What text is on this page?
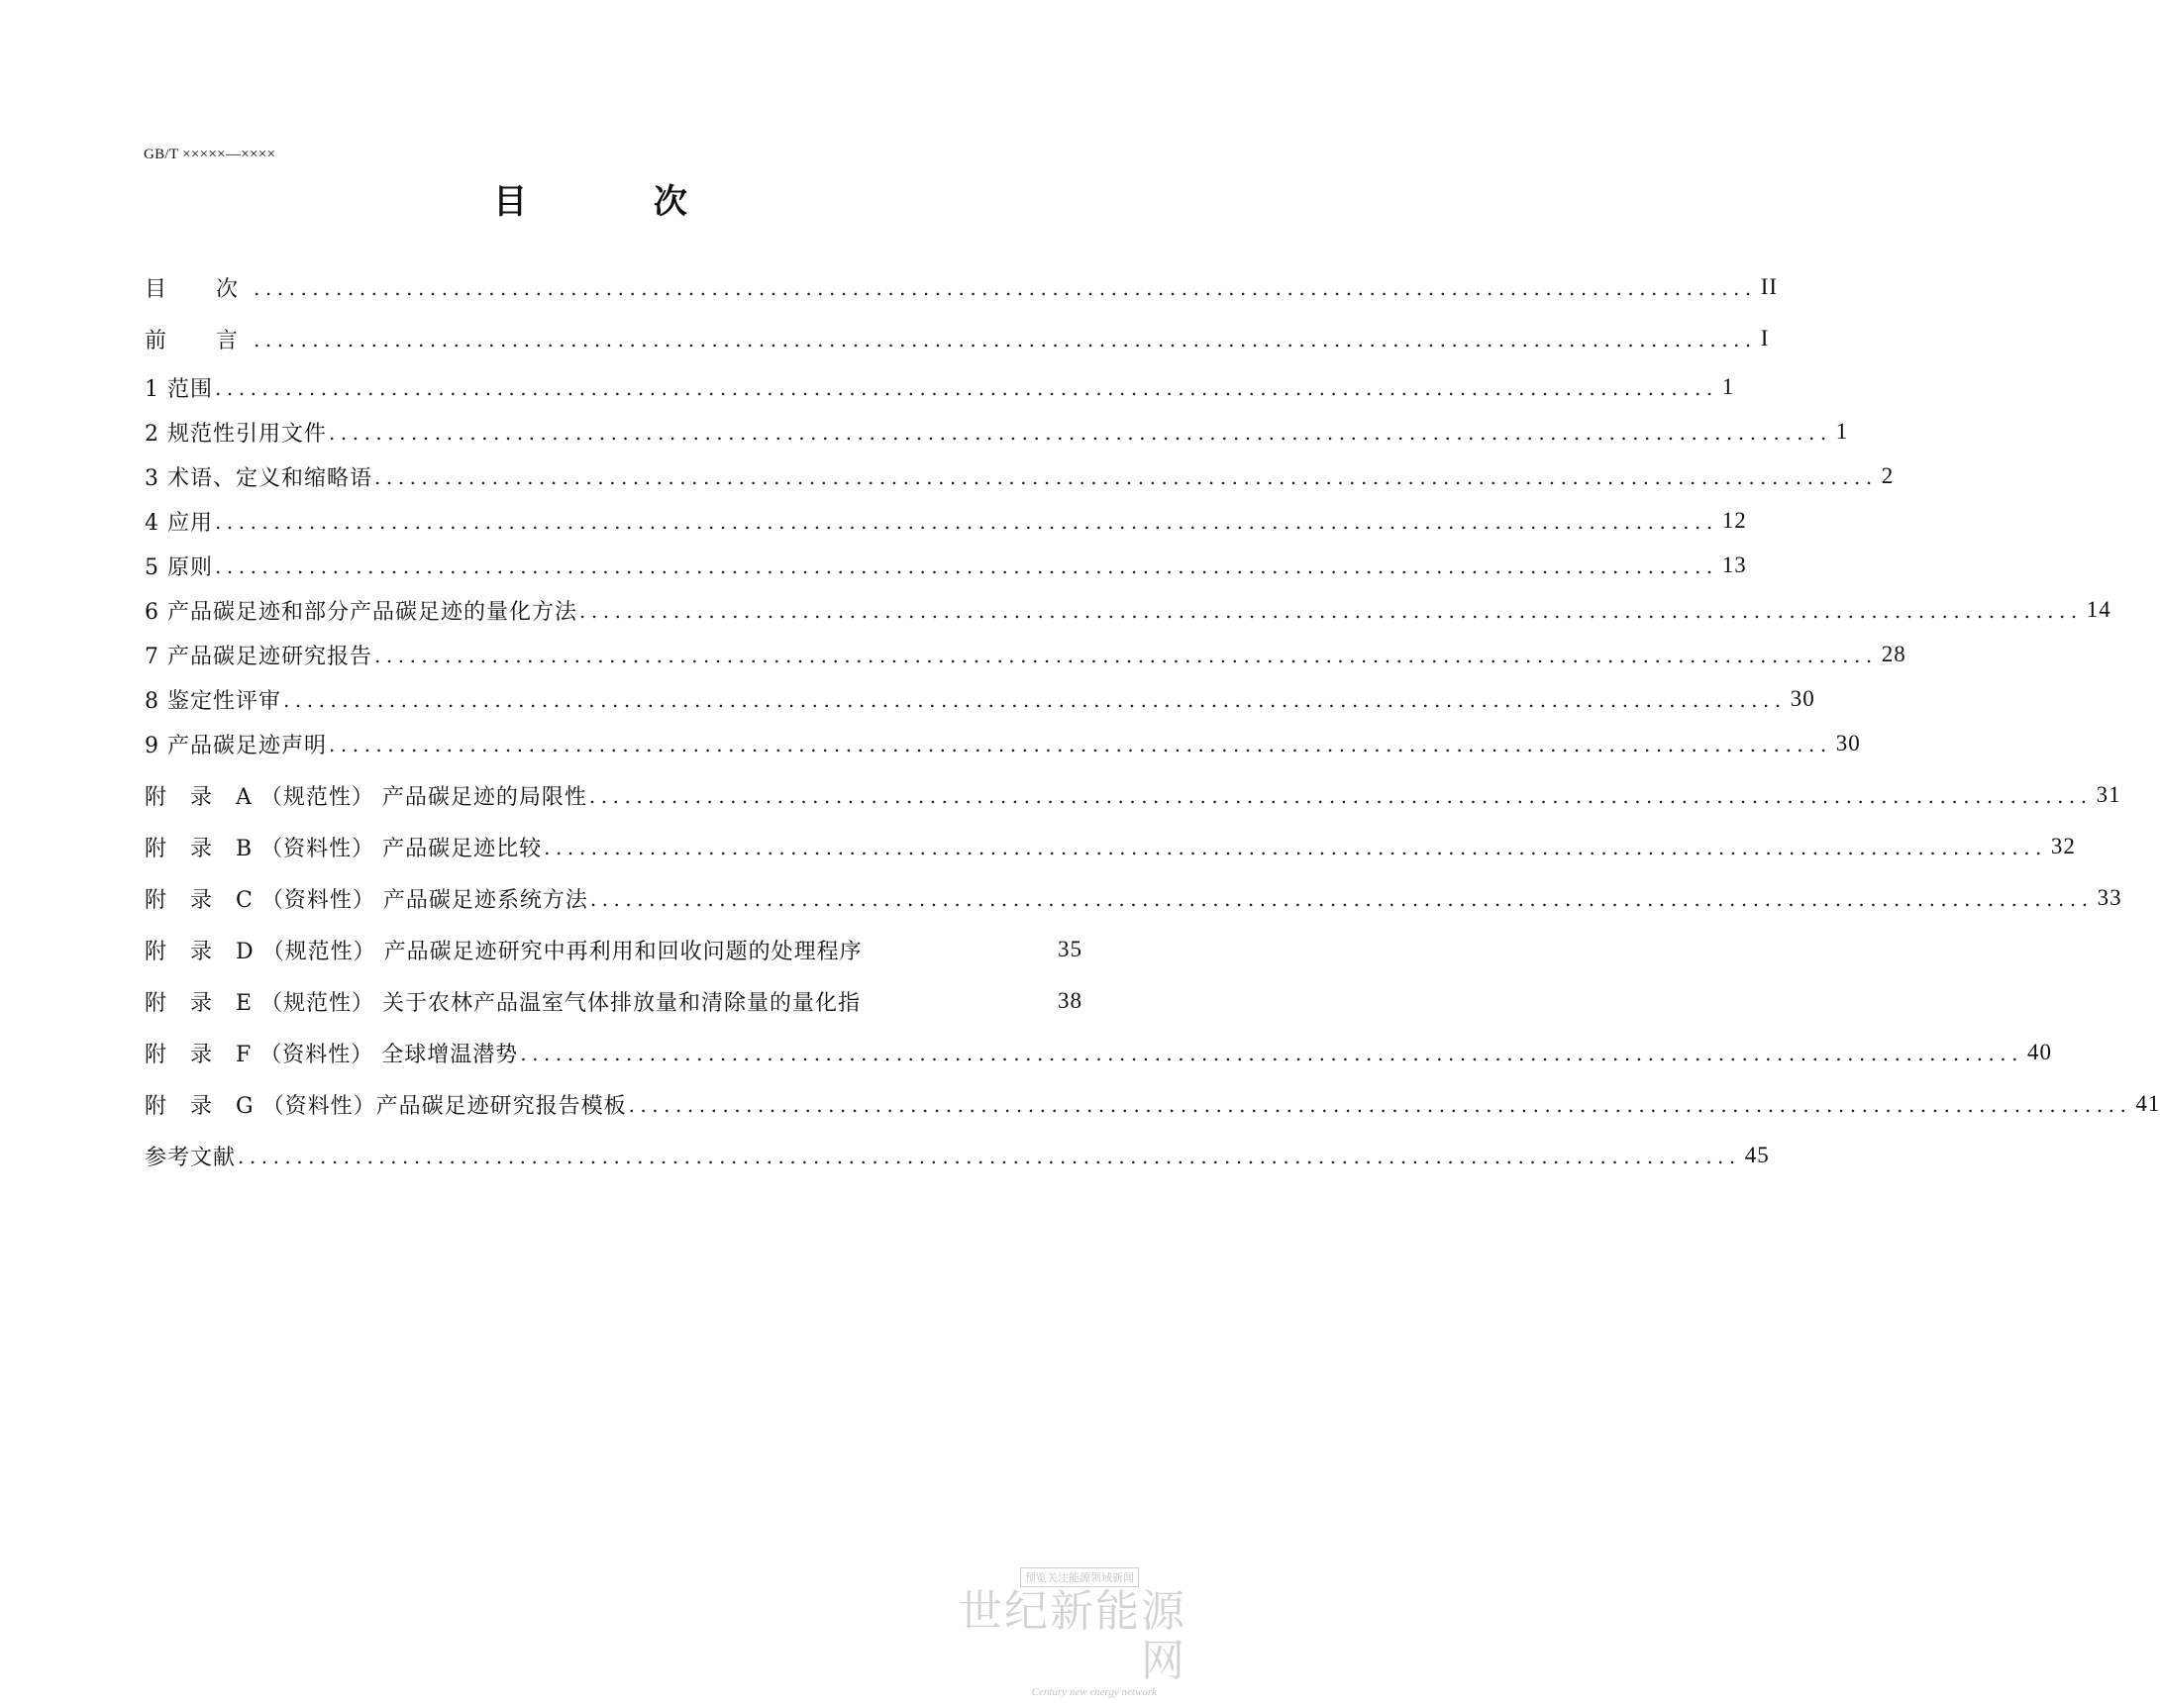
GB/T ×××××—××××
目 次
目　次 ................................................................................................................................ II
前　言 ................................................................................................................................ I
1 范围 ................................................................................................................................ 1
2 规范性引用文件 ................................................................................................................................ 1
3 术语、定义和缩略语 ................................................................................................................................ 2
4 应用 ................................................................................................................................ 12
5 原则 ................................................................................................................................ 13
6 产品碳足迹和部分产品碳足迹的量化方法 ................................................................................................................................ 14
7 产品碳足迹研究报告 ................................................................................................................................ 28
8 鉴定性评审 ................................................................................................................................ 30
9 产品碳足迹声明 ................................................................................................................................ 30
附　录　A （规范性） 产品碳足迹的局限性 ................................................................................................................................ 31
附　录　B （资料性） 产品碳足迹比较 ................................................................................................................................ 32
附　录　C （资料性） 产品碳足迹系统方法 ................................................................................................................................ 33
附　录　D （规范性） 产品碳足迹研究中再利用和回收问题的处理程序	35
附　录　E （规范性） 关于农林产品温室气体排放量和清除量的量化指	38
附　录　F （资料性） 全球增温潜势 ................................................................................................................................ 40
附　录　G （资料性）产品碳足迹研究报告模板 ................................................................................................................................ 41
参考文献 ................................................................................................................................ 45
预览关注能源领域新闻
世纪新能源网
Century new energy network
